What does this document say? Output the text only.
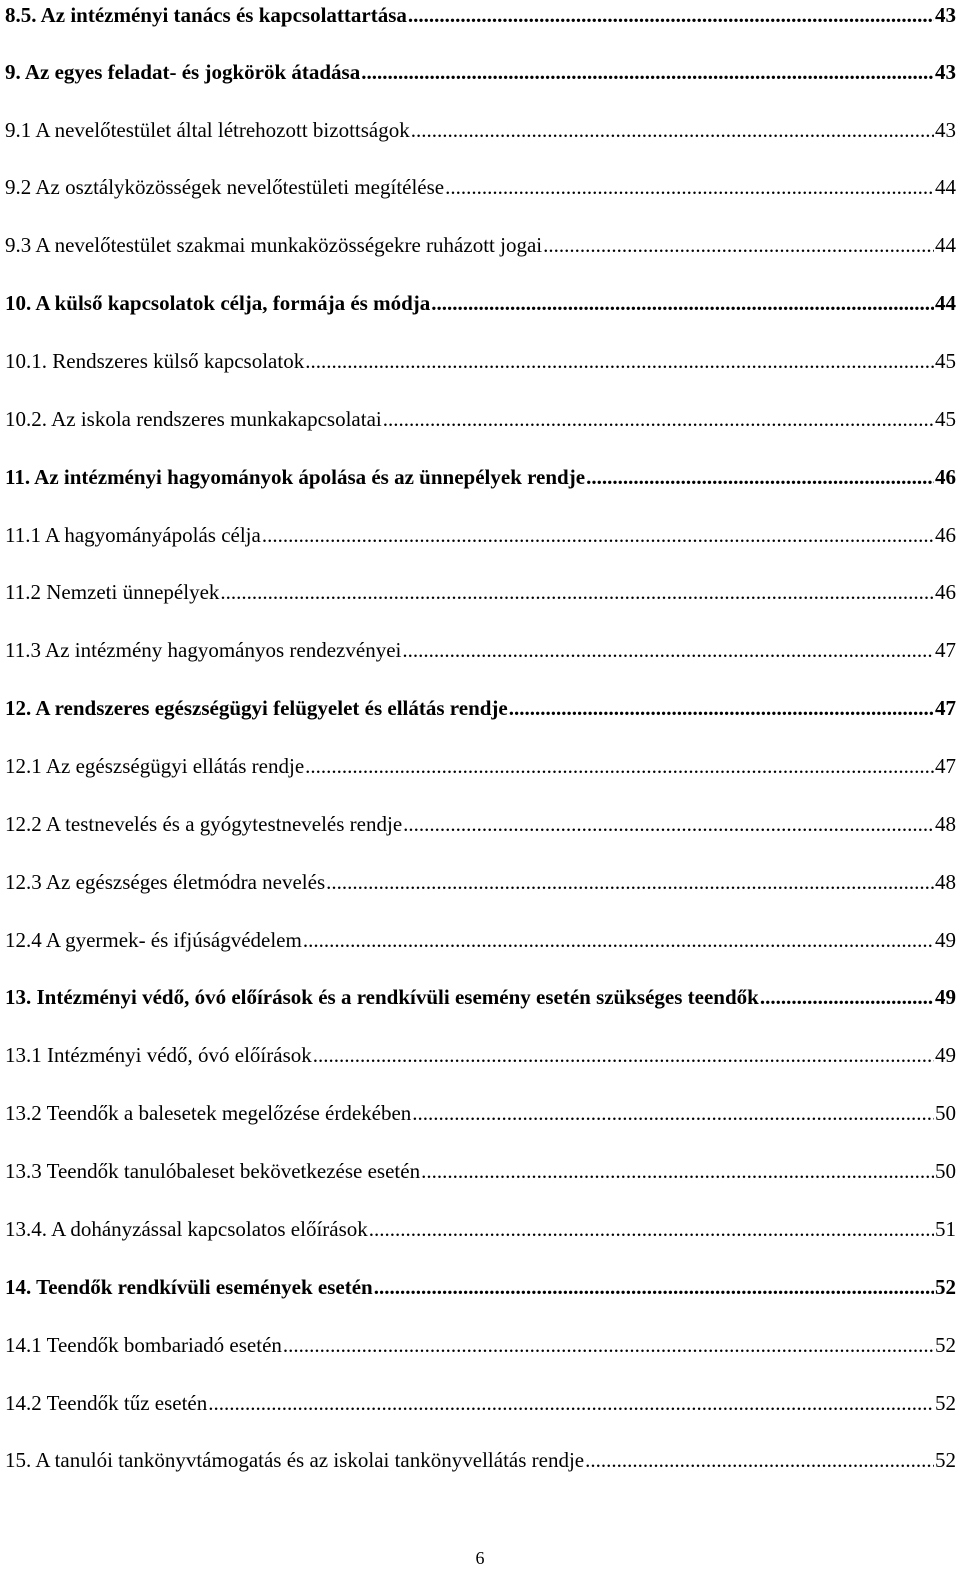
8.5. Az intézményi tanács és kapcsolattartása .....	43
9. Az egyes feladat- és jogkörök átadása .....	43
9.1 A nevelőtestület által létrehozott bizottságok .....	43
9.2 Az osztályközösségek nevelőtestületi megítélése .....	44
9.3 A nevelőtestület szakmai munkaközösségekre ruházott jogai .....	44
10. A külső kapcsolatok célja, formája és módja .....	44
10.1. Rendszeres külső kapcsolatok .....	45
10.2. Az iskola rendszeres munkakapcsolatai .....	45
11. Az intézményi hagyományok ápolása és az ünnepélyek rendje .....	46
11.1 A hagyományápolás célja .....	46
11.2 Nemzeti ünnepélyek .....	46
11.3 Az intézmény hagyományos rendezvényei .....	47
12. A rendszeres egészségügyi felügyelet és ellátás rendje .....	47
12.1 Az egészségügyi ellátás rendje .....	47
12.2 A testnevelés és a gyógytestnevelés rendje .....	48
12.3 Az egészséges életmódra nevelés .....	48
12.4 A gyermek- és ifjúságvédelem .....	49
13. Intézményi védő, óvó előírások és a rendkívüli esemény esetén szükséges teendők .....	49
13.1 Intézményi védő, óvó előírások .....	49
13.2 Teendők a balesetek megelőzése érdekében .....	50
13.3 Teendők tanulóbaleset bekövetkezése esetén .....	50
13.4. A dohányzással kapcsolatos előírások .....	51
14. Teendők rendkívüli események esetén .....	52
14.1 Teendők bombariadó esetén .....	52
14.2 Teendők tűz esetén .....	52
15. A tanulói tankönyvtámogatás és az iskolai tankönyvellátás rendje .....	52
6
